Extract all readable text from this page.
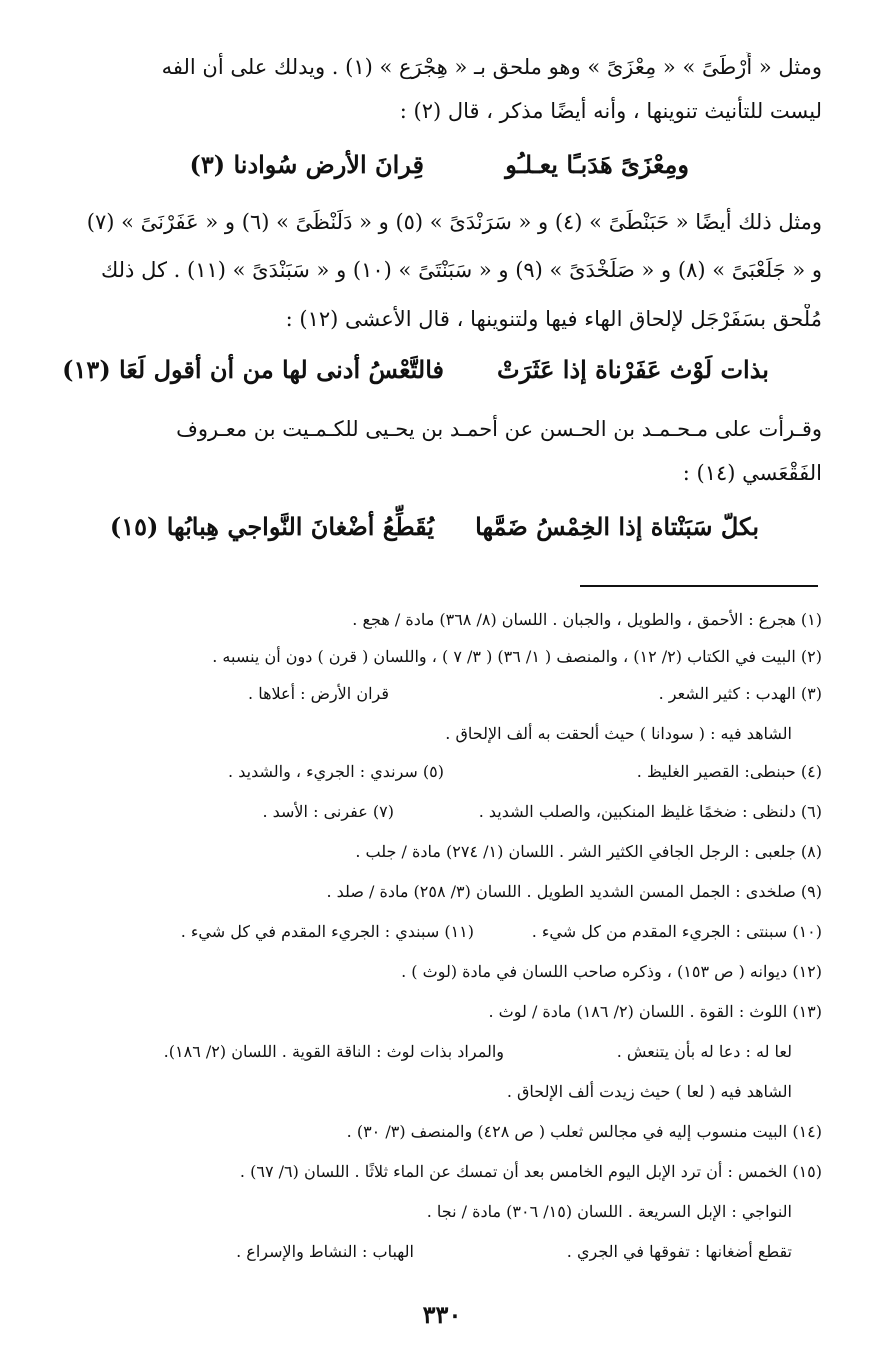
ومثل « أَرْطَىً » « مِعْزَىً » وهو ملحق بـ « هِجْرَع » (١) . ويدلك على أن الفه
ليست للتأنيث تنوينها ، وأنه أيضًا مذكر ، قال (٢) :
ومِعْزَىً هَدَبـًا يعـلـُو
قِرانَ الأرض سُوادنا (٣)
ومثل ذلك أيضًا « حَبَنْطَىً » (٤) و « سَرَنْدَىً » (٥) و « دَلَنْظَىً » (٦) و « عَفَرْنَىً » (٧)
و « جَلَعْبَىً » (٨) و « صَلَخْدَىً » (٩) و « سَبَنْتَىً » (١٠) و « سَبَنْدَىً » (١١) . كل ذلك
مُلْحق بسَفَرْجَل لإلحاق الهاء فيها ولتنوينها ، قال الأعشى (١٢) :
بذات لَوْث عَفَرْناة إذا عَثَرَتْ
فالتَّعْسُ أدنى لها من أن أقول لَعَا (١٣)
وقـرأت على مـحـمـد بن الحـسن عن أحمـد بن يحـيى للكـمـيت بن معـروف
الفَقْعَسي (١٤) :
بكلّ سَبَنْتاة إذا الخِمْسُ ضَمَّها
يُقَطِّعُ أضْغانَ النَّواجي هِبابُها (١٥)
(١) هجرع : الأحمق ، والطويل ، والجبان . اللسان (٨/ ٣٦٨) مادة / هجع .
(٢) البيت في الكتاب (٢/ ١٢) ، والمنصف ( ١/ ٣٦) ( ٣/ ٧ ) ، واللسان ( قرن ) دون أن ينسبه .
(٣) الهدب : كثير الشعر .
قران الأرض : أعلاها .
الشاهد فيه : ( سودانا ) حيث ألحقت به ألف الإلحاق .
(٤) حبنطى: القصير الغليظ .
(٥) سرندي : الجريء ، والشديد .
(٦) دلنظى : ضخمًا غليظ المنكبين، والصلب الشديد .
(٧) عفرنى : الأسد .
(٨) جلعبى : الرجل الجافي الكثير الشر . اللسان (١/ ٢٧٤) مادة / جلب .
(٩) صلخدى : الجمل المسن الشديد الطويل . اللسان (٣/ ٢٥٨) مادة / صلد .
(١٠) سبنتى : الجريء المقدم من كل شيء .
(١١) سبندي : الجريء المقدم في كل شيء .
(١٢) ديوانه ( ص ١٥٣) ، وذكره صاحب اللسان في مادة (لوث ) .
(١٣) اللوث : القوة . اللسان (٢/ ١٨٦) مادة / لوث .
لعا له : دعا له بأن يتنعش .
والمراد بذات لوث : الناقة القوية . اللسان (٢/ ١٨٦).
الشاهد فيه ( لعا ) حيث زيدت ألف الإلحاق .
(١٤) البيت منسوب إليه في مجالس ثعلب ( ص ٤٢٨) والمنصف (٣/ ٣٠) .
(١٥) الخمس : أن ترد الإبل اليوم الخامس بعد أن تمسك عن الماء ثلاثًا . اللسان (٦/ ٦٧) .
النواجي : الإبل السريعة . اللسان (١٥/ ٣٠٦) مادة / نجا .
تقطع أضغانها : تفوقها في الجري .
الهباب : النشاط والإسراع .
٣٣٠
